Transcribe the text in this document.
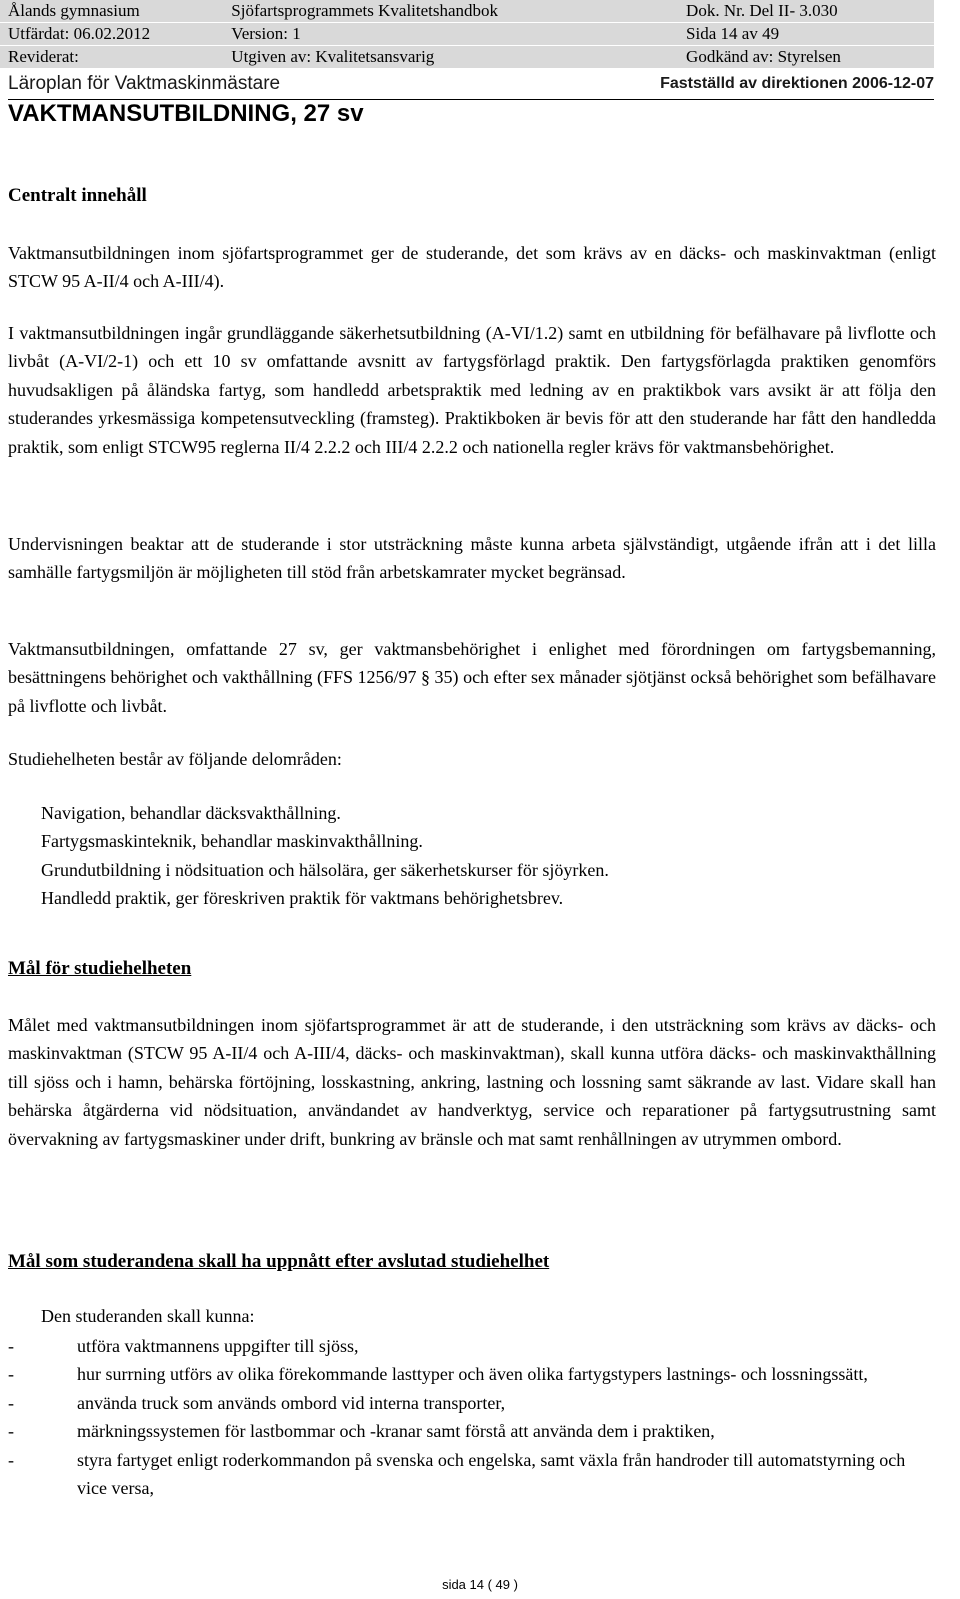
Ålands gymnasium	Sjöfartsprogrammets Kvalitetshandbok	Dok. Nr. Del II- 3.030
Utfärdat: 06.02.2012	Version: 1	Sida 14 av 49
Reviderat:	Utgiven av: Kvalitetsansvarig	Godkänd av: Styrelsen
Läroplan för Vaktmaskinmästare	Fastställd av direktionen 2006-12-07
VAKTMANSUTBILDNING, 27 sv
Centralt innehåll

Vaktmansutbildningen inom sjöfartsprogrammet ger de studerande, det som krävs av en däcks- och maskinvaktman (enligt STCW 95 A-II/4 och A-III/4).

I vaktmansutbildningen ingår grundläggande säkerhetsutbildning (A-VI/1.2) samt en utbildning för befälhavare på livflotte och livbåt (A-VI/2-1) och ett 10 sv omfattande avsnitt av fartygsförlagd praktik. Den fartygsförlagda praktiken genomförs huvudsakligen på åländska fartyg, som handledd arbetspraktik med ledning av en praktikbok vars avsikt är att följa den studerandes yrkesmässiga kompetensutveckling (framsteg). Praktikboken är bevis för att den studerande har fått den handledda praktik, som enligt STCW95 reglerna II/4 2.2.2 och III/4 2.2.2 och nationella regler krävs för vaktmansbehörighet.

Undervisningen beaktar att de studerande i stor utsträckning måste kunna arbeta självständigt, utgående ifrån att i det lilla samhälle fartygsmiljön är möjligheten till stöd från arbetskamrater mycket begränsad.

Vaktmansutbildningen, omfattande 27 sv, ger vaktmansbehörighet i enlighet med förordningen om fartygsbemanning, besättningens behörighet och vakthållning (FFS 1256/97 § 35) och efter sex månader sjötjänst också behörighet som befälhavare på livflotte och livbåt.

Studiehelheten består av följande delområden:

Navigation, behandlar däcksvakthållning.
Fartygsmaskinteknik, behandlar maskinvakthållning.
Grundutbildning i nödsituation och hälsolära, ger säkerhetskurser för sjöyrken.
Handledd praktik, ger föreskriven praktik för vaktmans behörighetsbrev.
Mål för studiehelheten

Målet med vaktmansutbildningen inom sjöfartsprogrammet är att de studerande, i den utsträckning som krävs av däcks- och maskinvaktman (STCW 95 A-II/4 och A-III/4, däcks- och maskinvaktman), skall kunna utföra däcks- och maskinvakthållning till sjöss och i hamn, behärska förtöjning, losskastning, ankring, lastning och lossning samt säkrande av last. Vidare skall han behärska åtgärderna vid nödsituation, användandet av handverktyg, service och reparationer på fartygsutrustning samt övervakning av fartygsmaskiner under drift, bunkring av bränsle och mat samt renhållningen av utrymmen ombord.

Mål som studerandena skall ha uppnått efter avslutad studiehelhet

Den studeranden skall kunna:

-	utföra vaktmannens uppgifter till sjöss,
-	hur surrning utförs av olika förekommande lasttyper och även olika fartygstypers lastnings- och lossningssätt,
-	använda truck som används ombord vid interna transporter,
-	märkningssystemen för lastbommar och -kranar samt förstå att använda dem i praktiken,
-	styra fartyget enligt roderkommandon på svenska och engelska, samt växla från handroder till automatstyrning och vice versa,
sida 14 ( 49 )
